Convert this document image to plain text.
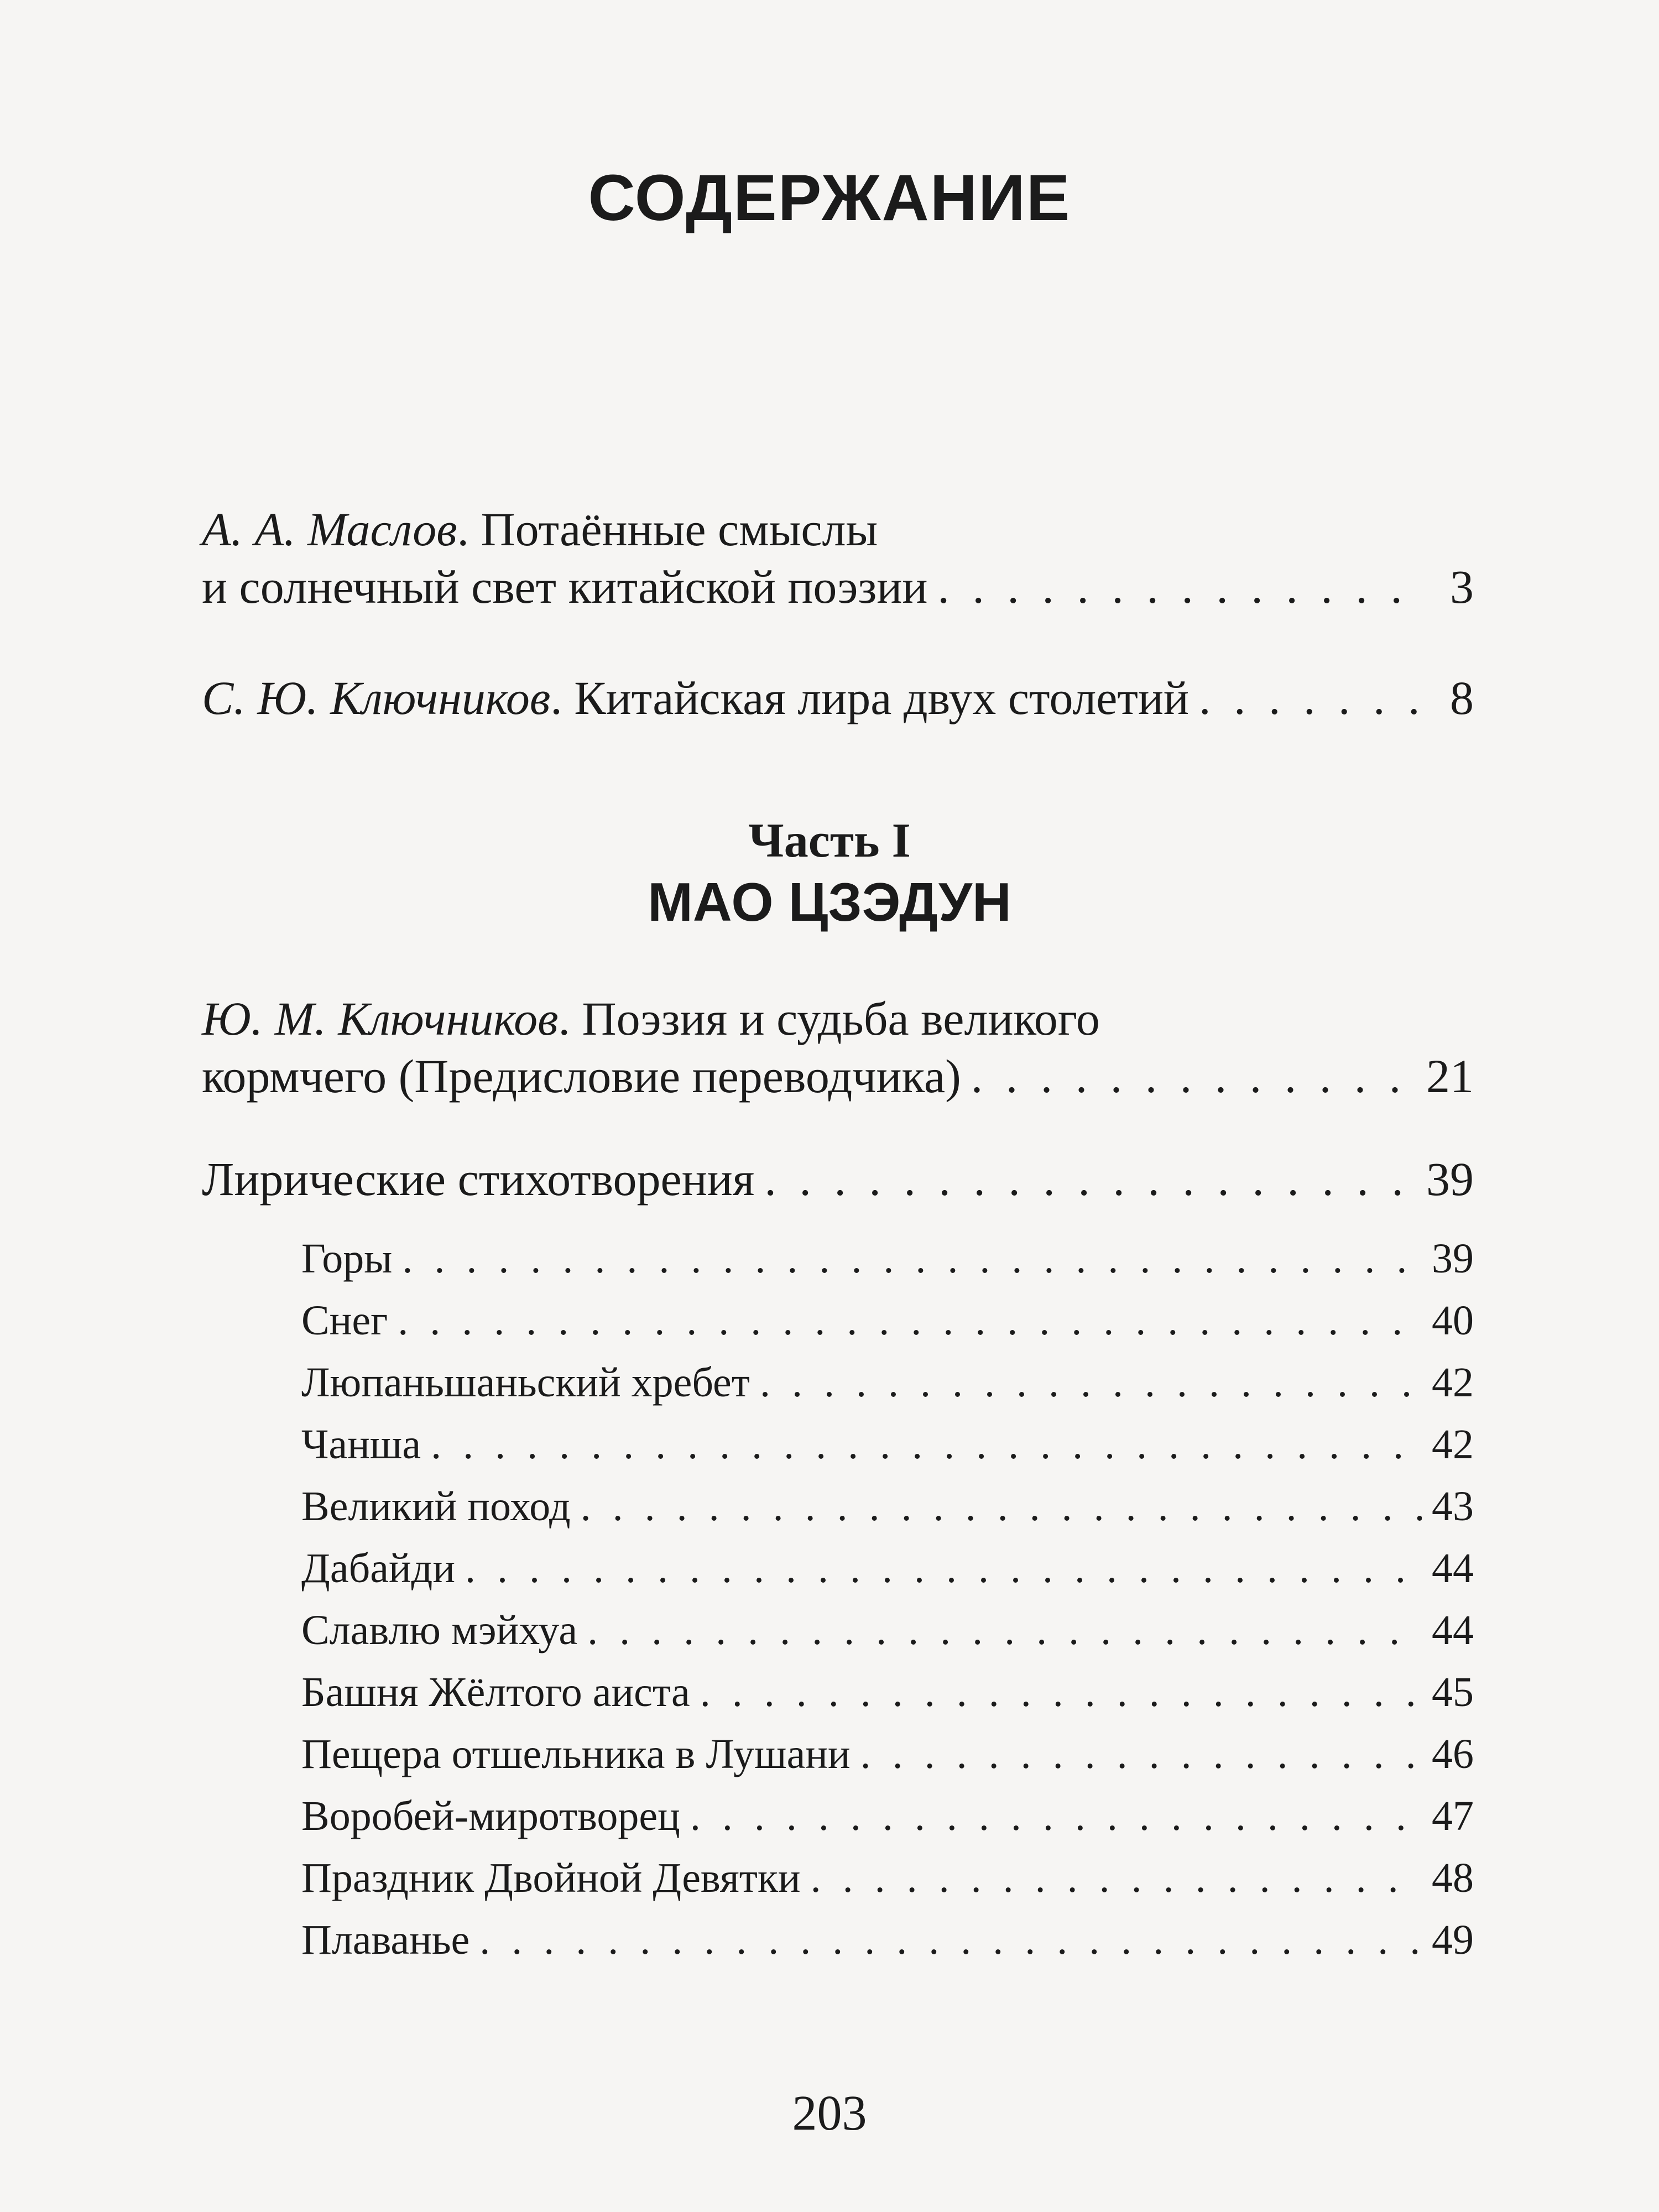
СОДЕРЖАНИЕ
А. А. Маслов. Потаённые смыслы
и солнечный свет китайской поэзии . . .	3
С. Ю. Ключников. Китайская лира двух столетий . . .	8
Часть I
МАО ЦЗЭДУН
Ю. М. Ключников. Поэзия и судьба великого
кормчего (Предисловие переводчика) . . .	21
Лирические стихотворения . . .	39
Горы . . .	39
Снег . . .	40
Люпаньшаньский хребет . . .	42
Чанша . . .	42
Великий поход . . .	43
Дабайди . . .	44
Славлю мэйхуа . . .	44
Башня Жёлтого аиста . . .	45
Пещера отшельника в Лушани . . .	46
Воробей-миротворец . . .	47
Праздник Двойной Девятки . . .	48
Плаванье . . .	49
203
